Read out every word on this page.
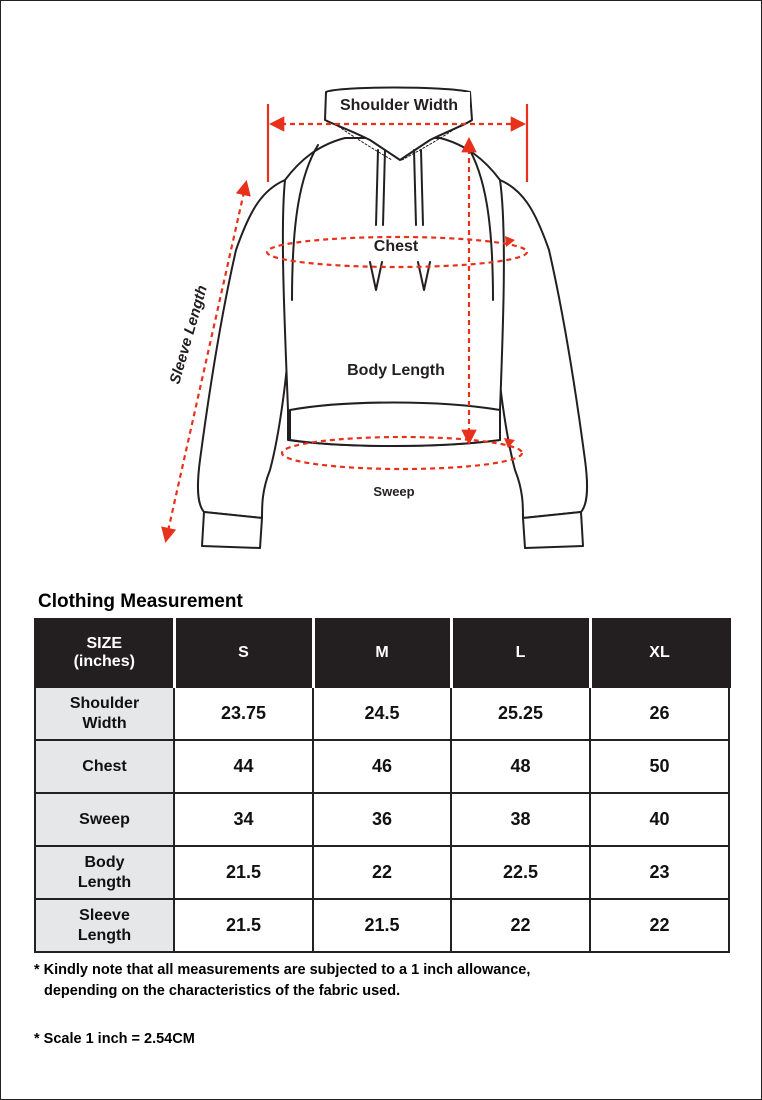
Shoulder Width
Chest
Body Length
Sweep
Sleeve Length
Clothing Measurement
SIZE
(inches)	S	M	L	XL
Shoulder
Width	23.75	24.5	25.25	26
Chest	44	46	48	50
Sweep	34	36	38	40
Body
Length	21.5	22	22.5	23
Sleeve
Length	21.5	21.5	22	22
* Kindly note that all measurements are subjected to a 1 inch allowance,
depending on the characteristics of the fabric used.
* Scale 1 inch = 2.54CM
